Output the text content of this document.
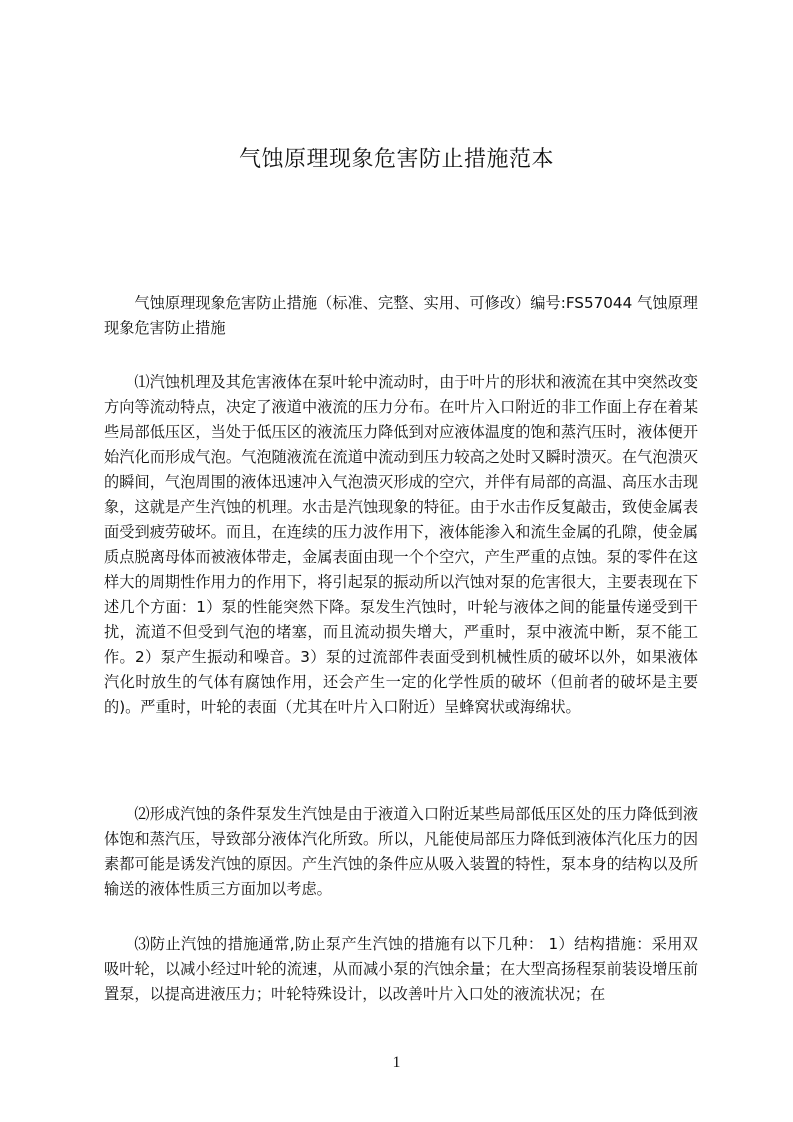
气蚀原理现象危害防止措施范本

气蚀原理现象危害防止措施（标准、完整、实用、可修改）编号:FS57044 气蚀原理现象危害防止措施

⑴汽蚀机理及其危害液体在泵叶轮中流动时，由于叶片的形状和液流在其中突然改变方向等流动特点，决定了液道中液流的压力分布。在叶片入口附近的非工作面上存在着某些局部低压区，当处于低压区的液流压力降低到对应液体温度的饱和蒸汽压时，液体便开始汽化而形成气泡。气泡随液流在流道中流动到压力较高之处时又瞬时溃灭。在气泡溃灭的瞬间，气泡周围的液体迅速冲入气泡溃灭形成的空穴，并伴有局部的高温、高压水击现象，这就是产生汽蚀的机理。水击是汽蚀现象的特征。由于水击作反复敲击，致使金属表面受到疲劳破坏。而且，在连续的压力波作用下，液体能渗入和流生金属的孔隙，使金属质点脱离母体而被液体带走，金属表面由现一个个空穴，产生严重的点蚀。泵的零件在这样大的周期性作用力的作用下，将引起泵的振动所以汽蚀对泵的危害很大，主要表现在下述几个方面：1）泵的性能突然下降。泵发生汽蚀时，叶轮与液体之间的能量传递受到干扰，流道不但受到气泡的堵塞，而且流动损失增大，严重时，泵中液流中断，泵不能工作。2）泵产生振动和噪音。3）泵的过流部件表面受到机械性质的破坏以外，如果液体汽化时放生的气体有腐蚀作用，还会产生一定的化学性质的破坏（但前者的破坏是主要的)。严重时，叶轮的表面（尤其在叶片入口附近）呈蜂窝状或海绵状。

⑵形成汽蚀的条件泵发生汽蚀是由于液道入口附近某些局部低压区处的压力降低到液体饱和蒸汽压，导致部分液体汽化所致。所以，凡能使局部压力降低到液体汽化压力的因素都可能是诱发汽蚀的原因。产生汽蚀的条件应从吸入装置的特性，泵本身的结构以及所输送的液体性质三方面加以考虑。

⑶防止汽蚀的措施通常,防止泵产生汽蚀的措施有以下几种： 1）结构措施：采用双吸叶轮，以减小经过叶轮的流速，从而减小泵的汽蚀余量；在大型高扬程泵前装设增压前置泵，以提高进液压力；叶轮特殊设计，以改善叶片入口处的液流状况；在

1
